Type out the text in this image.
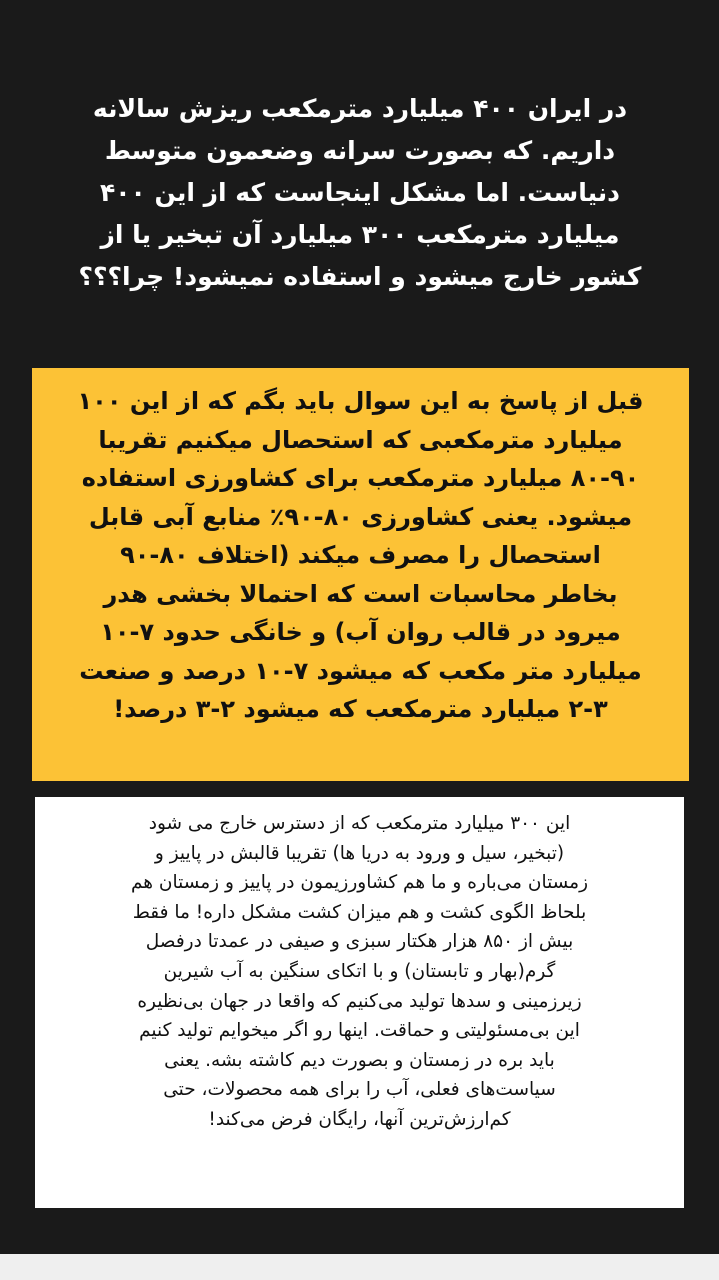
در ایران ۴۰۰ میلیارد مترمکعب ریزش سالانه
داریم. که بصورت سرانه وضعمون متوسط
دنیاست. اما مشکل اینجاست که از این ۴۰۰
میلیارد مترمکعب ۳۰۰ میلیارد آن تبخیر یا از
کشور خارج میشود و استفاده نمیشود! چرا؟؟؟
قبل از پاسخ به این سوال باید بگم که از این ۱۰۰
میلیارد مترمکعبی که استحصال میکنیم تقریبا
۸۰-۹۰ میلیارد مترمکعب برای کشاورزی استفاده
میشود. یعنی کشاورزی ۸۰-۹۰٪ منابع آبی قابل
استحصال را مصرف میکند (اختلاف ۸۰-۹۰
بخاطر محاسبات است که احتمالا بخشی هدر
میرود در قالب روان آب) و خانگی حدود ۷-۱۰
میلیارد متر مکعب که میشود ۷-۱۰ درصد و صنعت
۲-۳ میلیارد مترمکعب که میشود ۲-۳ درصد!
این ۳۰۰ میلیارد مترمکعب که از دسترس خارج می شود
(تبخیر، سیل و ورود به دریا ها) تقریبا قالبش در پاییز و
زمستان می‌باره و ما هم کشاورزیمون در پاییز و زمستان هم
بلحاظ الگوی کشت و هم میزان کشت مشکل داره! ما فقط
بیش از ۸۵۰ هزار هکتار سبزی و صیفی در عمدتا درفصل
گرم(بهار و تابستان) و با اتکای سنگین به آب شیرین
زیرزمینی و سدها تولید می‌کنیم که واقعا در جهان بی‌نظیره
این بی‌مسئولیتی و حماقت. اینها رو اگر میخوایم تولید کنیم
باید بره در زمستان و بصورت دیم کاشته بشه. یعنی
سیاست‌های فعلی، آب را برای همه محصولات، حتی
کم‌ارزش‌ترین آنها، رایگان فرض می‌کند!
